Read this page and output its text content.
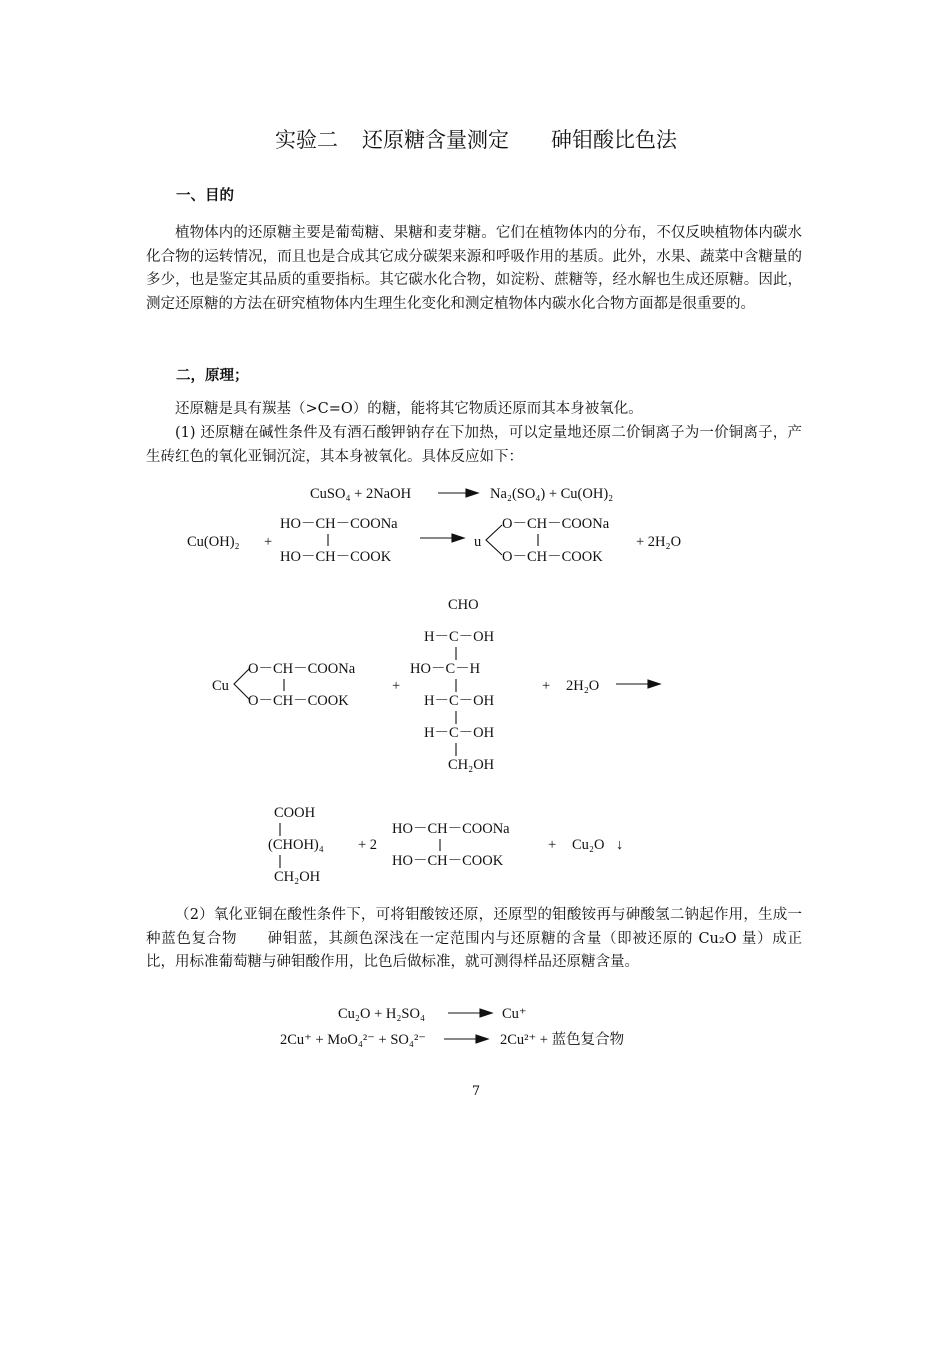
实验二 还原糖含量测定 砷钼酸比色法
一、目的
植物体内的还原糖主要是葡萄糖、果糖和麦芽糖。它们在植物体内的分布，不仅反映植物体内碳水化合物的运转情况，而且也是合成其它成分碳架来源和呼吸作用的基质。此外，水果、蔬菜中含糖量的多少，也是鉴定其品质的重要指标。其它碳水化合物，如淀粉、蔗糖等，经水解也生成还原糖。因此，测定还原糖的方法在研究植物体内生理生化变化和测定植物体内碳水化合物方面都是很重要的。
二，原理；
还原糖是具有羰基（>C=O）的糖，能将其它物质还原而其本身被氧化。
(1) 还原糖在碱性条件及有酒石酸钾钠存在下加热，可以定量地还原二价铜离子为一价铜离子，产生砖红色的氧化亚铜沉淀，其本身被氧化。具体反应如下：
CuSO₄ + 2NaOH	Na₂(SO₄) + Cu(OH)₂
Cu(OH)₂ +
HO－CH－COONa
HO－CH－COOK
u
O－CH－COONa
O－CH－COOK
+ 2H₂O
Cu
O－CH－COONa
O－CH－COOK
+
CHO
H－C－OH
HO－C－H
H－C－OH
H－C－OH
CH₂OH
+ 2H₂O
COOH
(CHOH)₄
CH₂OH
+ 2
HO－CH－COONa
HO－CH－COOK
+ Cu₂O ↓
Cu₂O + H₂SO₄	Cu⁺
2Cu⁺ + MoO₄²⁻ + SO₄²⁻	2Cu²⁺ + 蓝色复合物
（2）氧化亚铜在酸性条件下，可将钼酸铵还原，还原型的钼酸铵再与砷酸氢二钠起作用，生成一种蓝色复合物　　砷钼蓝，其颜色深浅在一定范围内与还原糖的含量（即被还原的 Cu₂O 量）成正比，用标准葡萄糖与砷钼酸作用，比色后做标准，就可测得样品还原糖含量。
7
